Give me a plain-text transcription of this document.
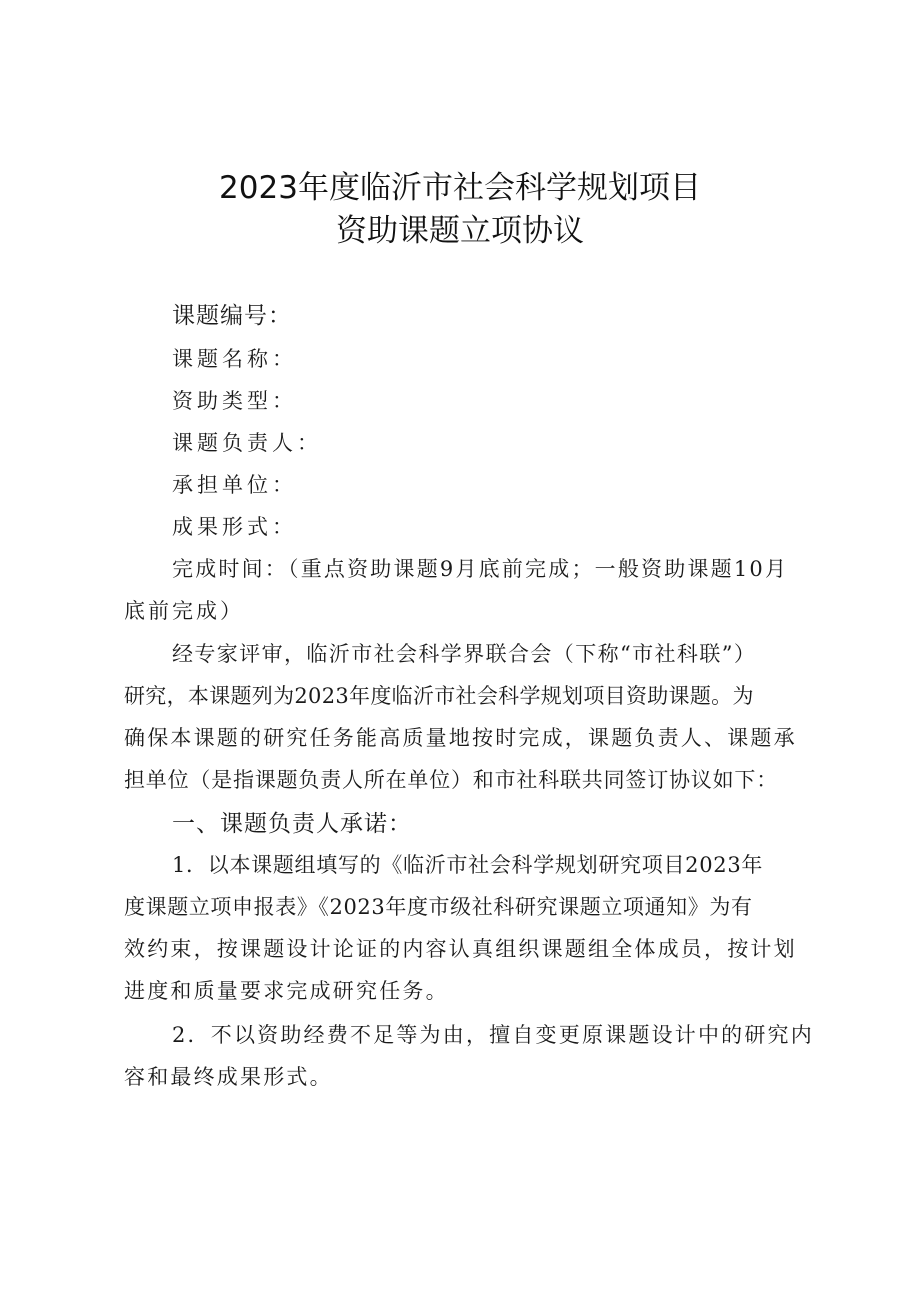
2023年度临沂市社会科学规划项目
资助课题立项协议
课题编号：
课题名称：
资助类型：
课题负责人：
承担单位：
成果形式：
完成时间：（重点资助课题9月底前完成；一般资助课题10月
底前完成）
经专家评审，临沂市社会科学界联合会（下称“市社科联”）
研究，本课题列为2023年度临沂市社会科学规划项目资助课题。为
确保本课题的研究任务能高质量地按时完成，课题负责人、课题承
担单位（是指课题负责人所在单位）和市社科联共同签订协议如下：
一、课题负责人承诺：
1．以本课题组填写的《临沂市社会科学规划研究项目2023年
度课题立项申报表》《2023年度市级社科研究课题立项通知》为有
效约束，按课题设计论证的内容认真组织课题组全体成员，按计划
进度和质量要求完成研究任务。
2．不以资助经费不足等为由，擅自变更原课题设计中的研究内
容和最终成果形式。
